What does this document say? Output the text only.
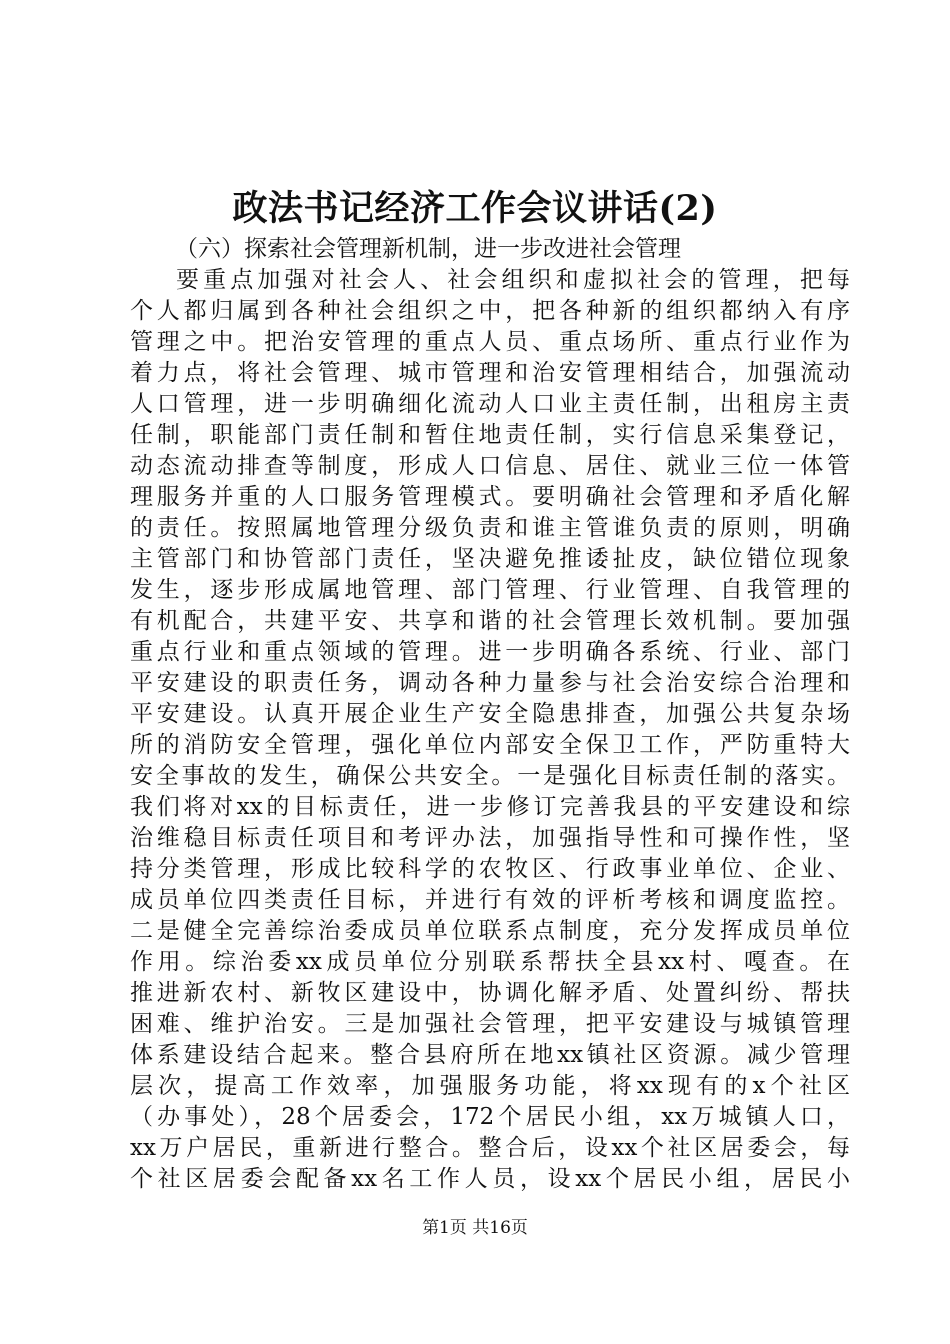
政法书记经济工作会议讲话(2)
（六）探索社会管理新机制，进一步改进社会管理
要重点加强对社会人、社会组织和虚拟社会的管理，把每
个人都归属到各种社会组织之中，把各种新的组织都纳入有序
管理之中。把治安管理的重点人员、重点场所、重点行业作为
着力点，将社会管理、城市管理和治安管理相结合，加强流动
人口管理，进一步明确细化流动人口业主责任制，出租房主责
任制，职能部门责任制和暂住地责任制，实行信息采集登记，
动态流动排查等制度，形成人口信息、居住、就业三位一体管
理服务并重的人口服务管理模式。要明确社会管理和矛盾化解
的责任。按照属地管理分级负责和谁主管谁负责的原则，明确
主管部门和协管部门责任，坚决避免推诿扯皮，缺位错位现象
发生，逐步形成属地管理、部门管理、行业管理、自我管理的
有机配合，共建平安、共享和谐的社会管理长效机制。要加强
重点行业和重点领域的管理。进一步明确各系统、行业、部门
平安建设的职责任务，调动各种力量参与社会治安综合治理和
平安建设。认真开展企业生产安全隐患排查，加强公共复杂场
所的消防安全管理，强化单位内部安全保卫工作，严防重特大
安全事故的发生，确保公共安全。一是强化目标责任制的落实。
我们将对xx的目标责任，进一步修订完善我县的平安建设和综
治维稳目标责任项目和考评办法，加强指导性和可操作性，坚
持分类管理，形成比较科学的农牧区、行政事业单位、企业、
成员单位四类责任目标，并进行有效的评析考核和调度监控。
二是健全完善综治委成员单位联系点制度，充分发挥成员单位
作用。综治委xx成员单位分别联系帮扶全县xx村、嘎查。在
推进新农村、新牧区建设中，协调化解矛盾、处置纠纷、帮扶
困难、维护治安。三是加强社会管理，把平安建设与城镇管理
体系建设结合起来。整合县府所在地xx镇社区资源。减少管理
层次，提高工作效率，加强服务功能，将xx现有的x个社区
（办事处），28个居委会，172个居民小组，xx万城镇人口，
xx万户居民，重新进行整合。整合后，设xx个社区居委会，每
个社区居委会配备xx名工作人员，设xx个居民小组，居民小
第1页 共16页
